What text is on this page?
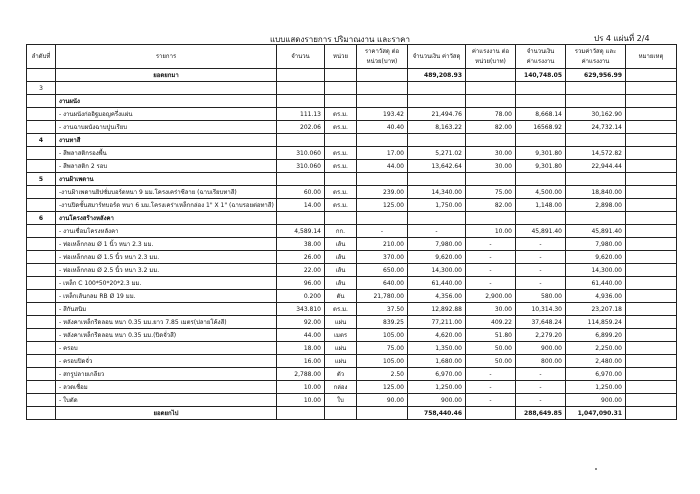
แบบแสดงรายการ ปริมาณงาน และราคา	ปร 4 แผ่นที่ 2/4
ลำดับที่	รายการ	จำนวน	หน่วย	ราคาวัสดุ ต่อหน่วย(บาท)	จำนวนเงิน ค่าวัสดุ	ค่าแรงงาน ต่อหน่วย(บาท)	จำนวนเงิน ค่าแรงงาน	รวมค่าวัสดุ และค่าแรงงาน	หมายเหตุ
	ยอดยกมา				489,208.93		140,748.05	629,956.99	
3									
	งานผนัง								
	- งานผนังก่ออิฐมอญครึ่งแผ่น	111.13	ตร.ม.	193.42	21,494.76	78.00	8,668.14	30,162.90	
	- งานฉาบผนังฉาบปูนเรียบ	202.06	ตร.ม.	40.40	8,163.22	82.00	16568.92	24,732.14	
4	งานทาสี								
	- สีพลาสติกรองพื้น	310.060	ตร.ม.	17.00	5,271.02	30.00	9,301.80	14,572.82	
	- สีพลาสติก 2 รอบ	310.060	ตร.ม.	44.00	13,642.64	30.00	9,301.80	22,944.44	
5	งานฝ้าเพดาน								
	-งานฝ้าเพดานยิปซั่มบอร์ดหนา 9 มม.โครงเคร่าซีลาย (ฉาบเรียบทาสี)	60.00	ตร.ม.	239.00	14,340.00	75.00	4,500.00	18,840.00	
	-งานปิดชั้นสมาร์ทบอร์ด หนา 6 มม.โครงเคร่าเหล็กกล่อง 1" X 1" (ฉาบรอยต่อทาสี)	14.00	ตร.ม.	125.00	1,750.00	82.00	1,148.00	2,898.00	
6	งานโครงสร้างหลังคา								
	- งานเชื่อมโครงหลังคา	4,589.14	กก.	-	-	10.00	45,891.40	45,891.40	
	- ท่อเหล็กกลม Ø 1 นิ้ว หนา 2.3 มม.	38.00	เส้น	210.00	7,980.00	-	-	7,980.00	
	- ท่อเหล็กกลม Ø 1.5 นิ้ว หนา 2.3 มม.	26.00	เส้น	370.00	9,620.00	-	-	9,620.00	
	- ท่อเหล็กกลม Ø 2.5 นิ้ว หนา 3.2 มม.	22.00	เส้น	650.00	14,300.00	-	-	14,300.00	
	- เหล็ก C 100*50*20*2.3 มม.	96.00	เส้น	640.00	61,440.00	-	-	61,440.00	
	- เหล็กเส้นกลม RB Ø 19 มม.	0.200	ตัน	21,780.00	4,356.00	2,900.00	580.00	4,936.00	
	- สีกันสนิม	343.810	ตร.ม.	37.50	12,892.88	30.00	10,314.30	23,207.18	
	- หลังคาเหล็กรีดลอน หนา 0.35 มม.ยาว 7.85 เมตร(ปลายโค้งสี)	92.00	แผ่น	839.25	77,211.00	409.22	37,648.24	114,859.24	
	- หลังคาเหล็กรีดลอน หนา 0.35 มม.(ปิดจั่วสี)	44.00	เมตร	105.00	4,620.00	51.80	2,279.20	6,899.20	
	- ครอบ	18.00	แผ่น	75.00	1,350.00	50.00	900.00	2,250.00	
	- ครอบปิดจั่ว	16.00	แผ่น	105.00	1,680.00	50.00	800.00	2,480.00	
	- สกรูปลายเกลียว	2,788.00	ตัว	2.50	6,970.00	-	-	6,970.00	
	- ลวดเชื่อม	10.00	กล่อง	125.00	1,250.00	-	-	1,250.00	
	- ใบตัด	10.00	ใบ	90.00	900.00	-	-	900.00	
	ยอดยกไป				758,440.46		288,649.85	1,047,090.31	
